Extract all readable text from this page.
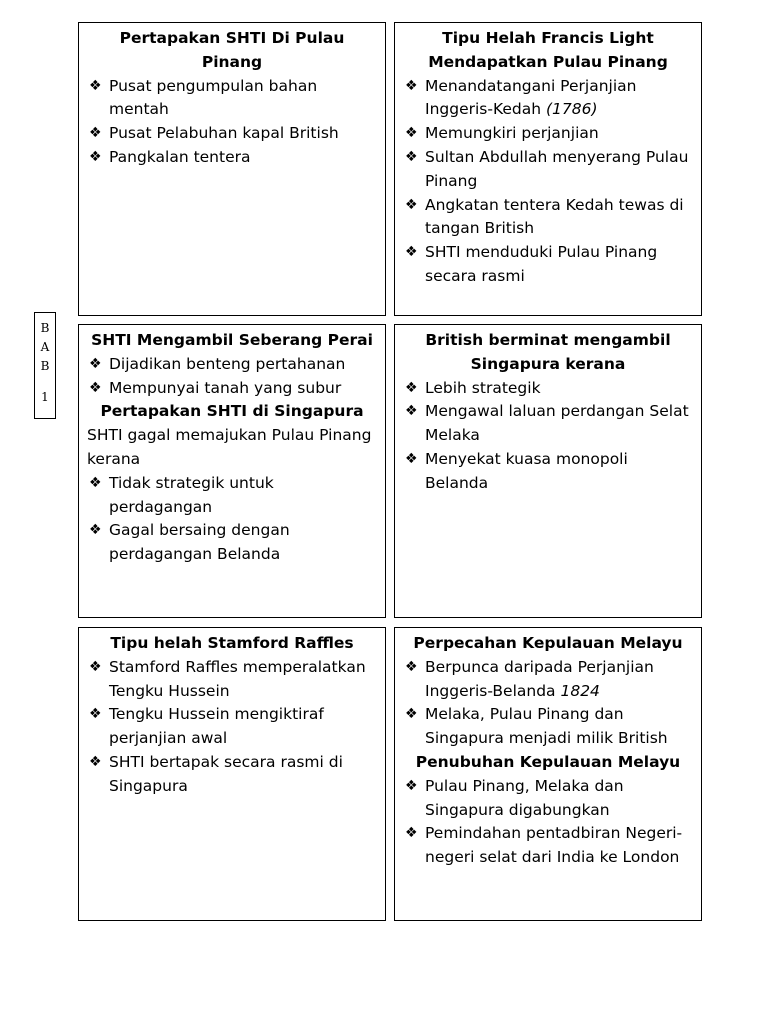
B
A
B
1
Pertapakan SHTI Di Pulau Pinang
❖ Pusat pengumpulan bahan mentah
❖ Pusat Pelabuhan kapal British
❖ Pangkalan tentera
Tipu Helah Francis Light Mendapatkan Pulau Pinang
❖ Menandatangani Perjanjian Inggeris-Kedah (1786)
❖ Memungkiri perjanjian
❖ Sultan Abdullah menyerang Pulau Pinang
❖ Angkatan tentera Kedah tewas di tangan British
❖ SHTI menduduki Pulau Pinang secara rasmi
SHTI Mengambil Seberang Perai
❖ Dijadikan benteng pertahanan
❖ Mempunyai tanah yang subur
Pertapakan SHTI di Singapura
SHTI gagal memajukan Pulau Pinang kerana
❖ Tidak strategik untuk perdagangan
❖ Gagal bersaing dengan perdagangan Belanda
British berminat mengambil Singapura kerana
❖ Lebih strategik
❖ Mengawal laluan perdangan Selat Melaka
❖ Menyekat kuasa monopoli Belanda
Tipu helah Stamford Raffles
❖ Stamford Raffles memperalatkan Tengku Hussein
❖ Tengku Hussein mengiktiraf perjanjian awal
❖ SHTI bertapak secara rasmi di Singapura
Perpecahan Kepulauan Melayu
❖ Berpunca daripada Perjanjian Inggeris-Belanda 1824
❖ Melaka, Pulau Pinang dan Singapura menjadi milik British
Penubuhan Kepulauan Melayu
❖ Pulau Pinang, Melaka dan Singapura digabungkan
❖ Pemindahan pentadbiran Negeri-negeri selat dari India ke London
